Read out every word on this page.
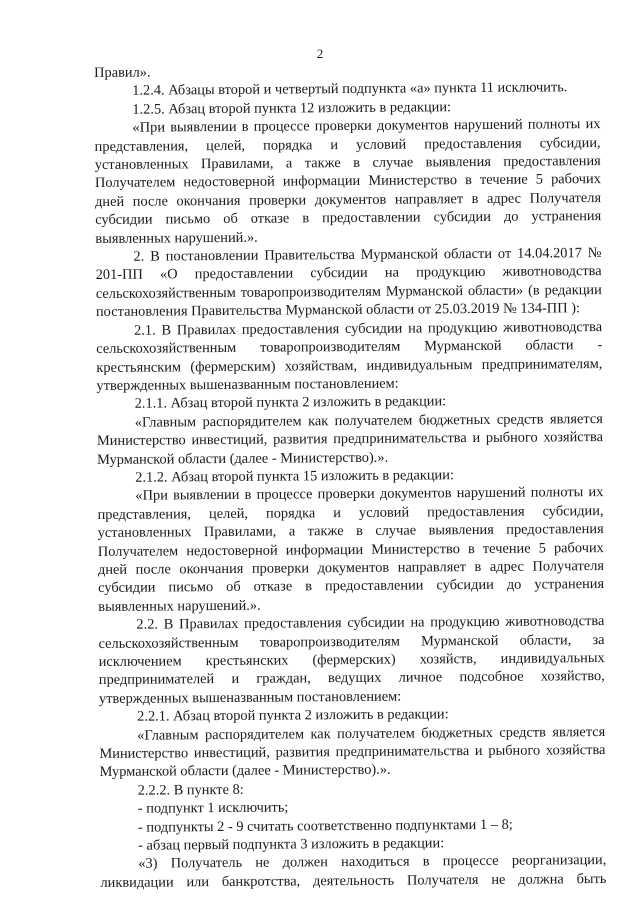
2

Правил».

1.2.4. Абзацы второй и четвертый подпункта «а» пункта 11 исключить.

1.2.5. Абзац второй пункта 12 изложить в редакции:

«При выявлении в процессе проверки документов нарушений полноты их представления, целей, порядка и условий предоставления субсидии, установленных Правилами, а также в случае выявления предоставления Получателем недостоверной информации Министерство в течение 5 рабочих дней после окончания проверки документов направляет в адрес Получателя субсидии письмо об отказе в предоставлении субсидии до устранения выявленных нарушений.».

2. В постановлении Правительства Мурманской области от 14.04.2017 № 201-ПП «О предоставлении субсидии на продукцию животноводства сельскохозяйственным товаропроизводителям Мурманской области» (в редакции постановления Правительства Мурманской области от 25.03.2019 № 134-ПП ):

2.1. В Правилах предоставления субсидии на продукцию животноводства сельскохозяйственным товаропроизводителям Мурманской области - крестьянским (фермерским) хозяйствам, индивидуальным предпринимателям, утвержденных вышеназванным постановлением:

2.1.1. Абзац второй пункта 2 изложить в редакции:

«Главным распорядителем как получателем бюджетных средств является Министерство инвестиций, развития предпринимательства и рыбного хозяйства Мурманской области (далее - Министерство).».

2.1.2. Абзац второй пункта 15 изложить в редакции:

«При выявлении в процессе проверки документов нарушений полноты их представления, целей, порядка и условий предоставления субсидии, установленных Правилами, а также в случае выявления предоставления Получателем недостоверной информации Министерство в течение 5 рабочих дней после окончания проверки документов направляет в адрес Получателя субсидии письмо об отказе в предоставлении субсидии до устранения выявленных нарушений.».

2.2. В Правилах предоставления субсидии на продукцию животноводства сельскохозяйственным товаропроизводителям Мурманской области, за исключением крестьянских (фермерских) хозяйств, индивидуальных предпринимателей и граждан, ведущих личное подсобное хозяйство, утвержденных вышеназванным постановлением:

2.2.1. Абзац второй пункта 2 изложить в редакции:

«Главным распорядителем как получателем бюджетных средств является Министерство инвестиций, развития предпринимательства и рыбного хозяйства Мурманской области (далее - Министерство).».

2.2.2. В пункте 8:

- подпункт 1 исключить;

- подпункты 2 - 9 считать соответственно подпунктами 1 – 8;

- абзац первый подпункта 3 изложить в редакции:

«3) Получатель не должен находиться в процессе реорганизации, ликвидации или банкротства, деятельность Получателя не должна быть
